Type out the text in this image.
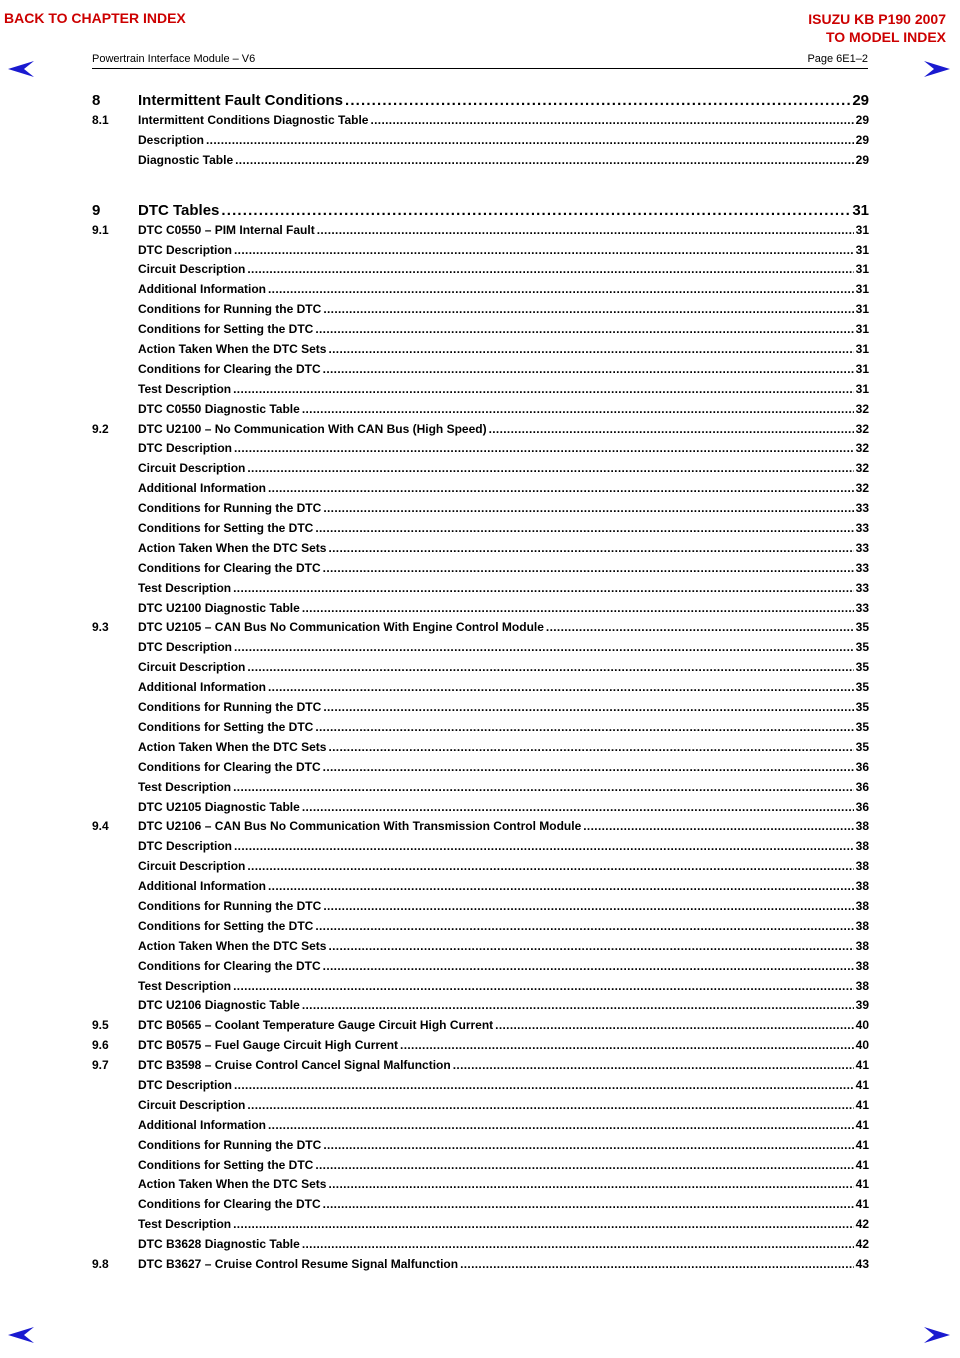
BACK TO CHAPTER INDEX	ISUZU KB P190 2007
TO MODEL INDEX
Powertrain Interface Module – V6	Page 6E1–2
8	Intermittent Fault Conditions . . .	29
8.1	Intermittent Conditions Diagnostic Table . . .	29
Description . . .	29
Diagnostic Table . . .	29
9	DTC Tables . . .	31
9.1	DTC C0550 – PIM Internal Fault . . .	31
DTC Description . . .	31
Circuit Description . . .	31
Additional Information . . .	31
Conditions for Running the DTC . . .	31
Conditions for Setting the DTC . . .	31
Action Taken When the DTC Sets . . .	31
Conditions for Clearing the DTC . . .	31
Test Description . . .	31
DTC C0550 Diagnostic Table . . .	32
9.2	DTC U2100 – No Communication With CAN Bus (High Speed) . . .	32
DTC Description . . .	32
Circuit Description . . .	32
Additional Information . . .	32
Conditions for Running the DTC . . .	33
Conditions for Setting the DTC . . .	33
Action Taken When the DTC Sets . . .	33
Conditions for Clearing the DTC . . .	33
Test Description . . .	33
DTC U2100 Diagnostic Table . . .	33
9.3	DTC U2105 – CAN Bus No Communication With Engine Control Module . . .	35
DTC Description . . .	35
Circuit Description . . .	35
Additional Information . . .	35
Conditions for Running the DTC . . .	35
Conditions for Setting the DTC . . .	35
Action Taken When the DTC Sets . . .	35
Conditions for Clearing the DTC . . .	36
Test Description . . .	36
DTC U2105 Diagnostic Table . . .	36
9.4	DTC U2106 – CAN Bus No Communication With Transmission Control Module . . .	38
DTC Description . . .	38
Circuit Description . . .	38
Additional Information . . .	38
Conditions for Running the DTC . . .	38
Conditions for Setting the DTC . . .	38
Action Taken When the DTC Sets . . .	38
Conditions for Clearing the DTC . . .	38
Test Description . . .	38
DTC U2106 Diagnostic Table . . .	39
9.5	DTC B0565 – Coolant Temperature Gauge Circuit High Current . . .	40
9.6	DTC B0575 – Fuel Gauge Circuit High Current . . .	40
9.7	DTC B3598 – Cruise Control Cancel Signal Malfunction . . .	41
DTC Description . . .	41
Circuit Description . . .	41
Additional Information . . .	41
Conditions for Running the DTC . . .	41
Conditions for Setting the DTC . . .	41
Action Taken When the DTC Sets . . .	41
Conditions for Clearing the DTC . . .	41
Test Description . . .	42
DTC B3628 Diagnostic Table . . .	42
9.8	DTC B3627 – Cruise Control Resume Signal Malfunction . . .	43
